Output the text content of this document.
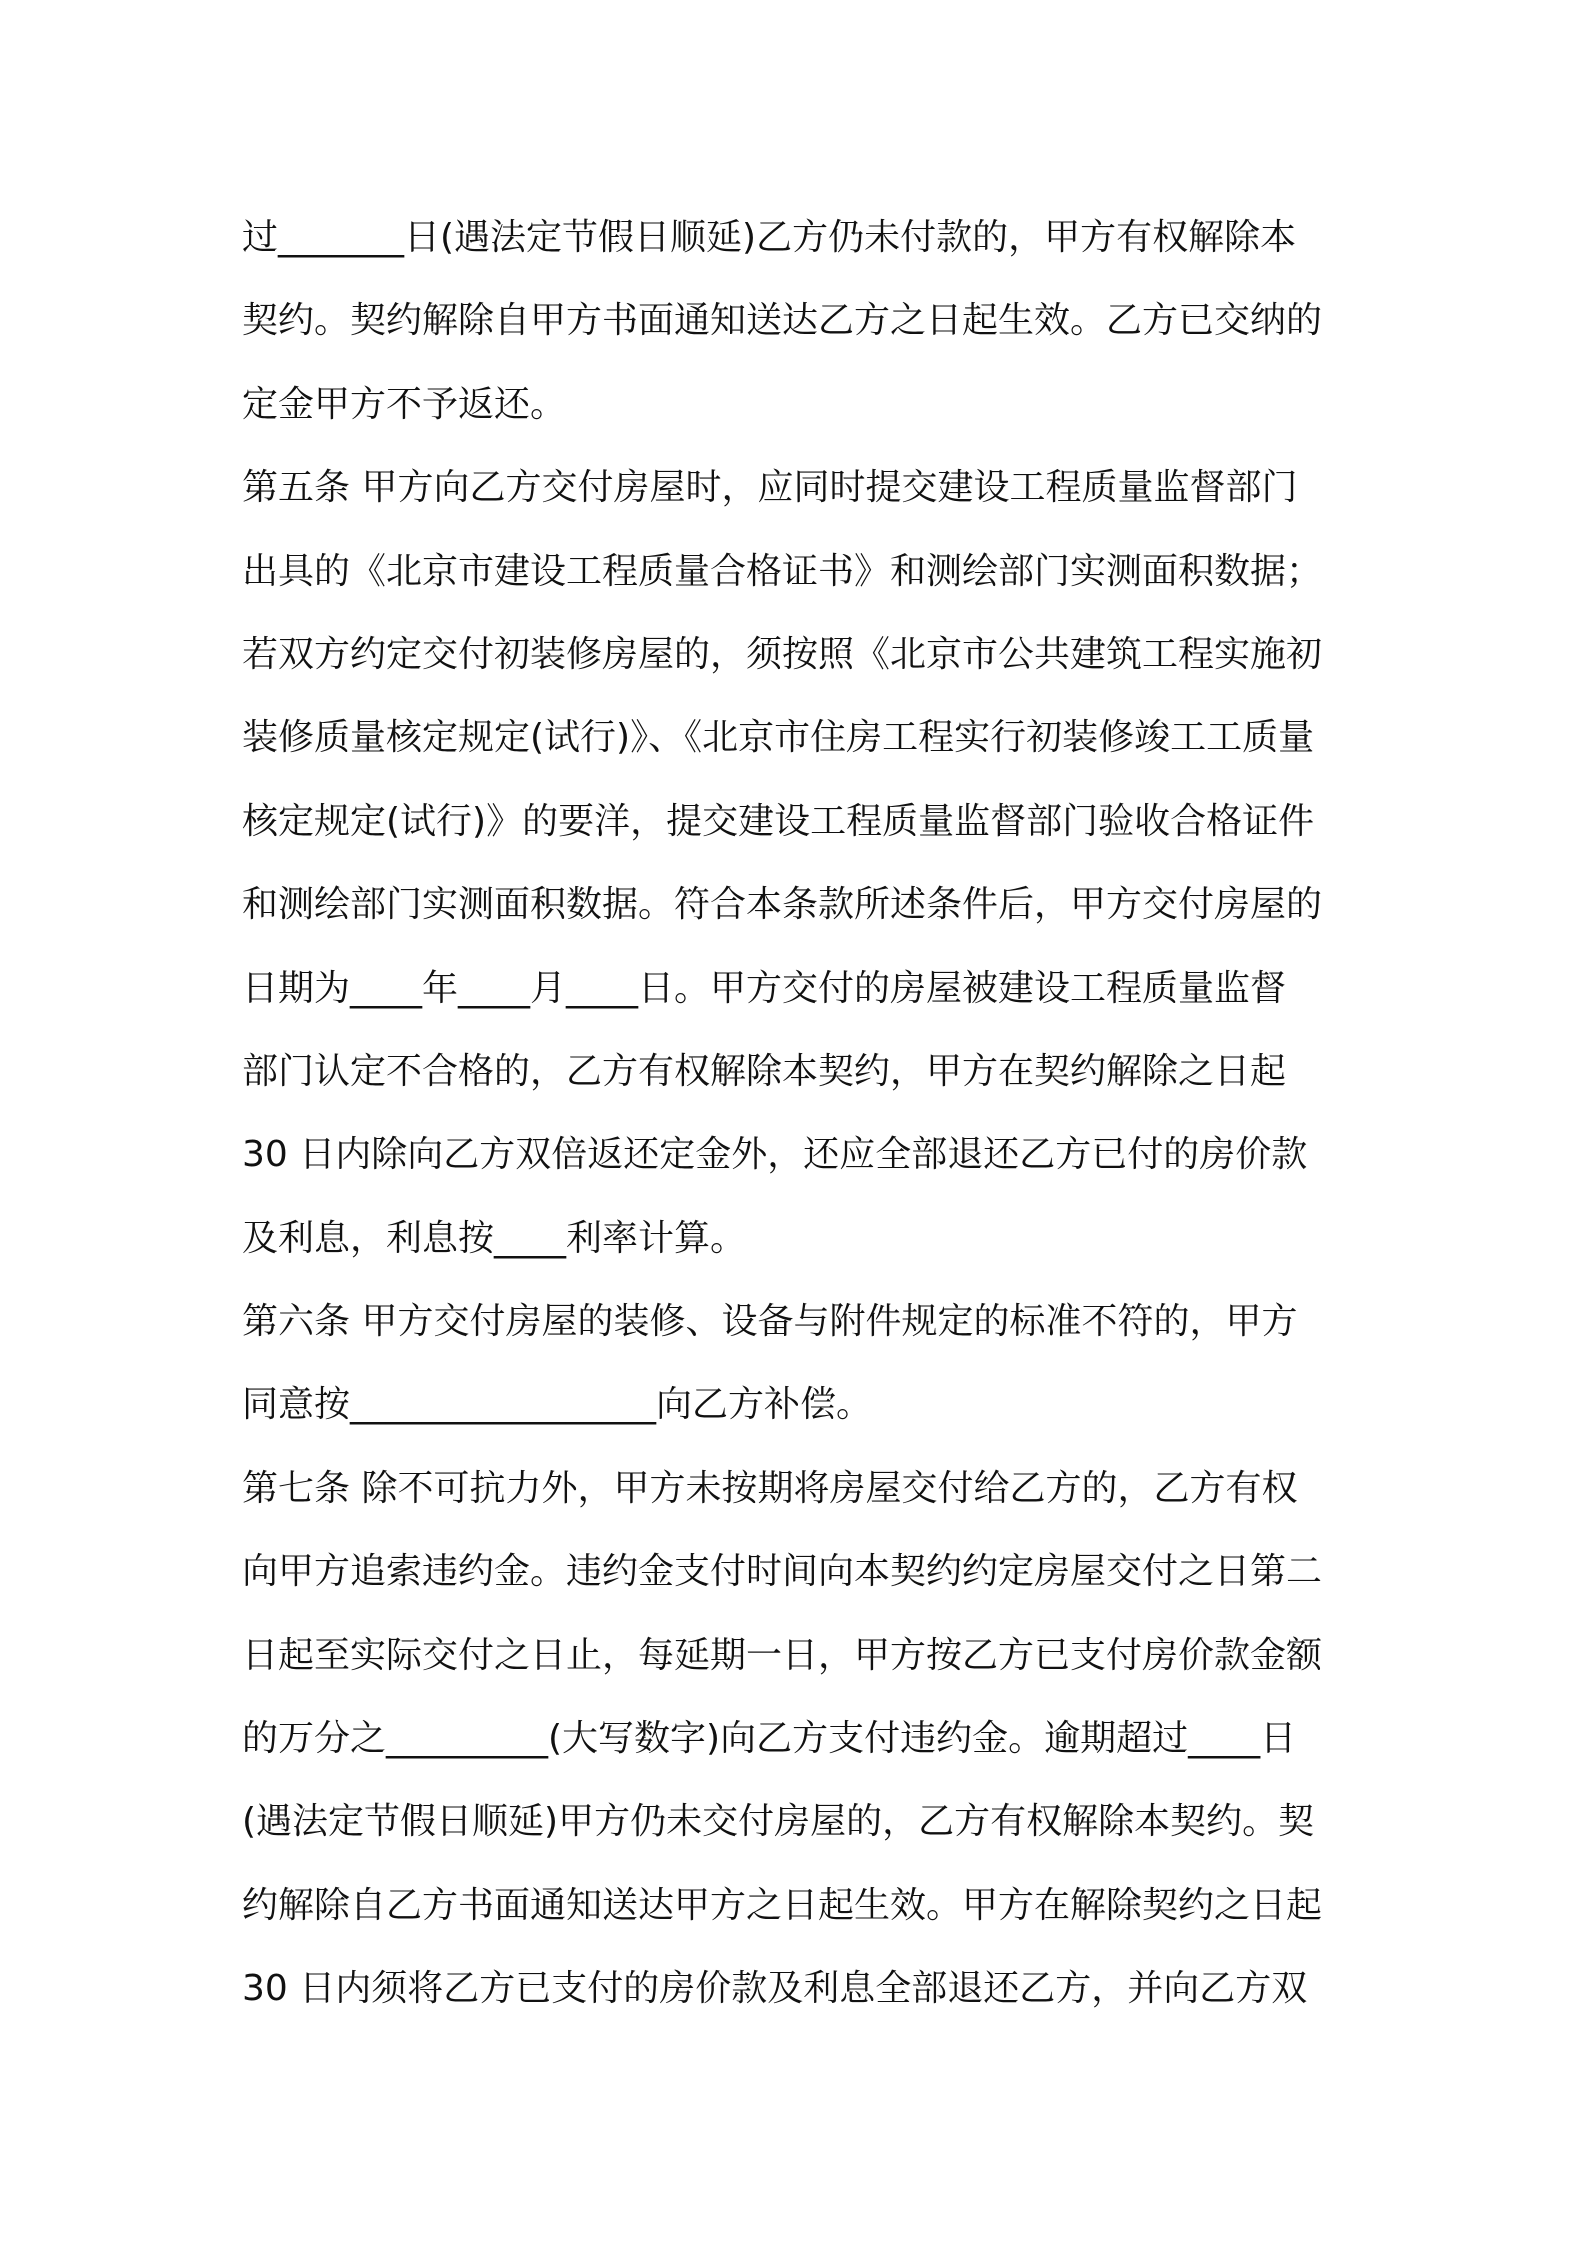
过_______日(遇法定节假日顺延)乙方仍未付款的，甲方有权解除本
契约。契约解除自甲方书面通知送达乙方之日起生效。乙方已交纳的
定金甲方不予返还。
第五条 甲方向乙方交付房屋时，应同时提交建设工程质量监督部门
出具的《北京市建设工程质量合格证书》和测绘部门实测面积数据；
若双方约定交付初装修房屋的，须按照《北京市公共建筑工程实施初
装修质量核定规定(试行)》、《北京市住房工程实行初装修竣工工质量
核定规定(试行)》的要洋，提交建设工程质量监督部门验收合格证件
和测绘部门实测面积数据。符合本条款所述条件后，甲方交付房屋的
日期为____年____月____日。甲方交付的房屋被建设工程质量监督
部门认定不合格的，乙方有权解除本契约，甲方在契约解除之日起
30 日内除向乙方双倍返还定金外，还应全部退还乙方已付的房价款
及利息，利息按____利率计算。
第六条 甲方交付房屋的装修、设备与附件规定的标准不符的，甲方
同意按_________________向乙方补偿。
第七条 除不可抗力外，甲方未按期将房屋交付给乙方的，乙方有权
向甲方追索违约金。违约金支付时间向本契约约定房屋交付之日第二
日起至实际交付之日止，每延期一日，甲方按乙方已支付房价款金额
的万分之_________(大写数字)向乙方支付违约金。逾期超过____日
(遇法定节假日顺延)甲方仍未交付房屋的，乙方有权解除本契约。契
约解除自乙方书面通知送达甲方之日起生效。甲方在解除契约之日起
30 日内须将乙方已支付的房价款及利息全部退还乙方，并向乙方双
